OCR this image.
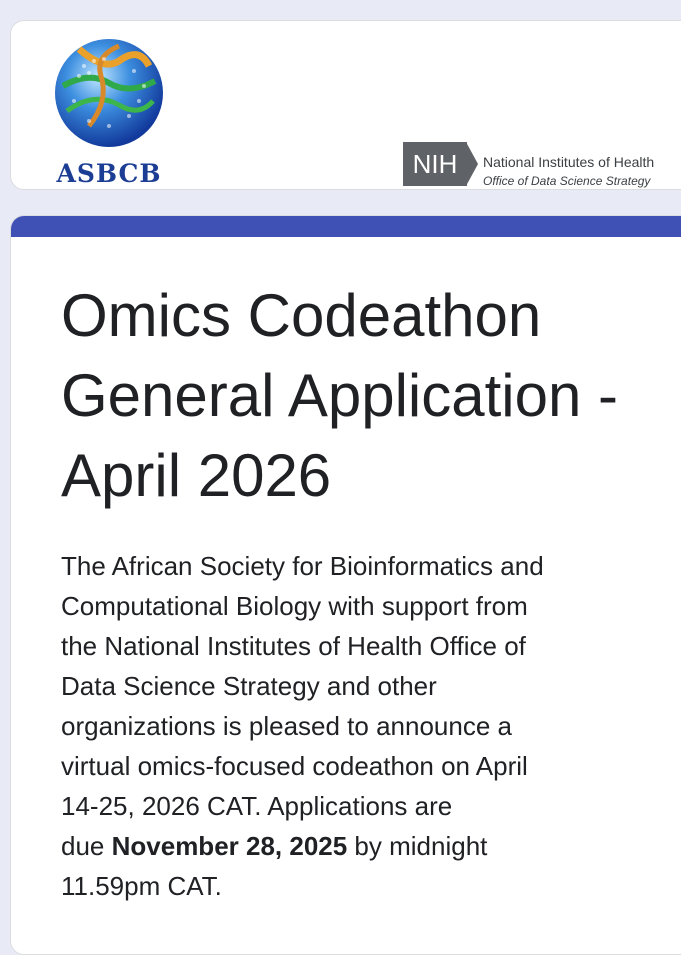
ASBCB	NIH	National Institutes of Health
Office of Data Science Strategy
Omics Codeathon General Application - April 2026
The African Society for Bioinformatics and
Computational Biology with support from
the National Institutes of Health Office of
Data Science Strategy and other
organizations is pleased to announce a
virtual omics-focused codeathon on April
14-25, 2026 CAT. Applications are
due November 28, 2025 by midnight
11.59pm CAT.
